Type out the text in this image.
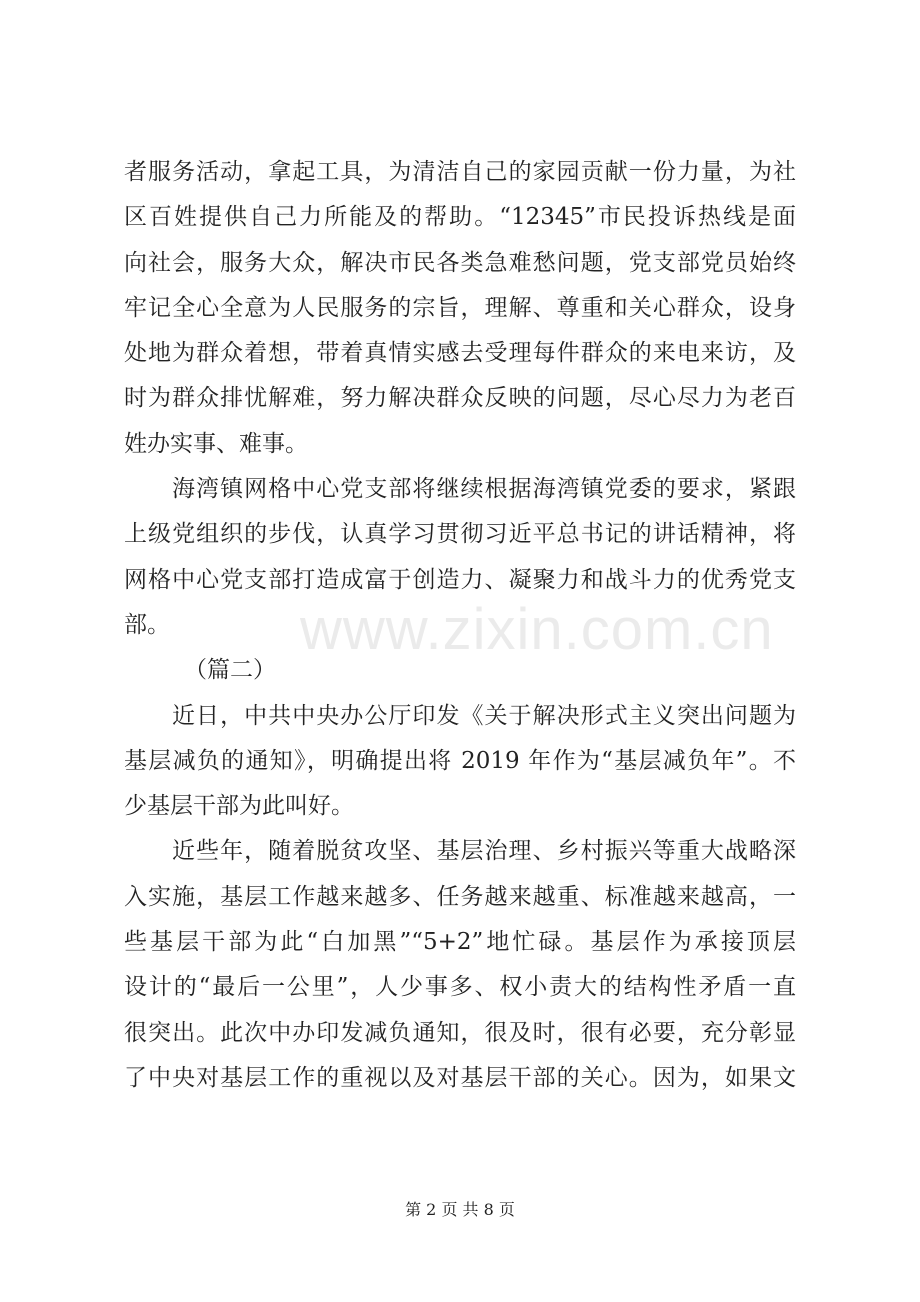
www.zixin.com.cn
者服务活动，拿起工具，为清洁自己的家园贡献一份力量，为社
区百姓提供自己力所能及的帮助。“12345”市民投诉热线是面
向社会，服务大众，解决市民各类急难愁问题，党支部党员始终
牢记全心全意为人民服务的宗旨，理解、尊重和关心群众，设身
处地为群众着想，带着真情实感去受理每件群众的来电来访，及
时为群众排忧解难，努力解决群众反映的问题，尽心尽力为老百
姓办实事、难事。
海湾镇网格中心党支部将继续根据海湾镇党委的要求，紧跟
上级党组织的步伐，认真学习贯彻习近平总书记的讲话精神，将
网格中心党支部打造成富于创造力、凝聚力和战斗力的优秀党支
部。
（篇二）
近日，中共中央办公厅印发《关于解决形式主义突出问题为
基层减负的通知》，明确提出将 2019 年作为“基层减负年”。不
少基层干部为此叫好。
近些年，随着脱贫攻坚、基层治理、乡村振兴等重大战略深
入实施，基层工作越来越多、任务越来越重、标准越来越高，一
些基层干部为此“白加黑”“5+2”地忙碌。基层作为承接顶层
设计的“最后一公里”，人少事多、权小责大的结构性矛盾一直
很突出。此次中办印发减负通知，很及时，很有必要，充分彰显
了中央对基层工作的重视以及对基层干部的关心。因为，如果文
第 2 页 共 8 页
